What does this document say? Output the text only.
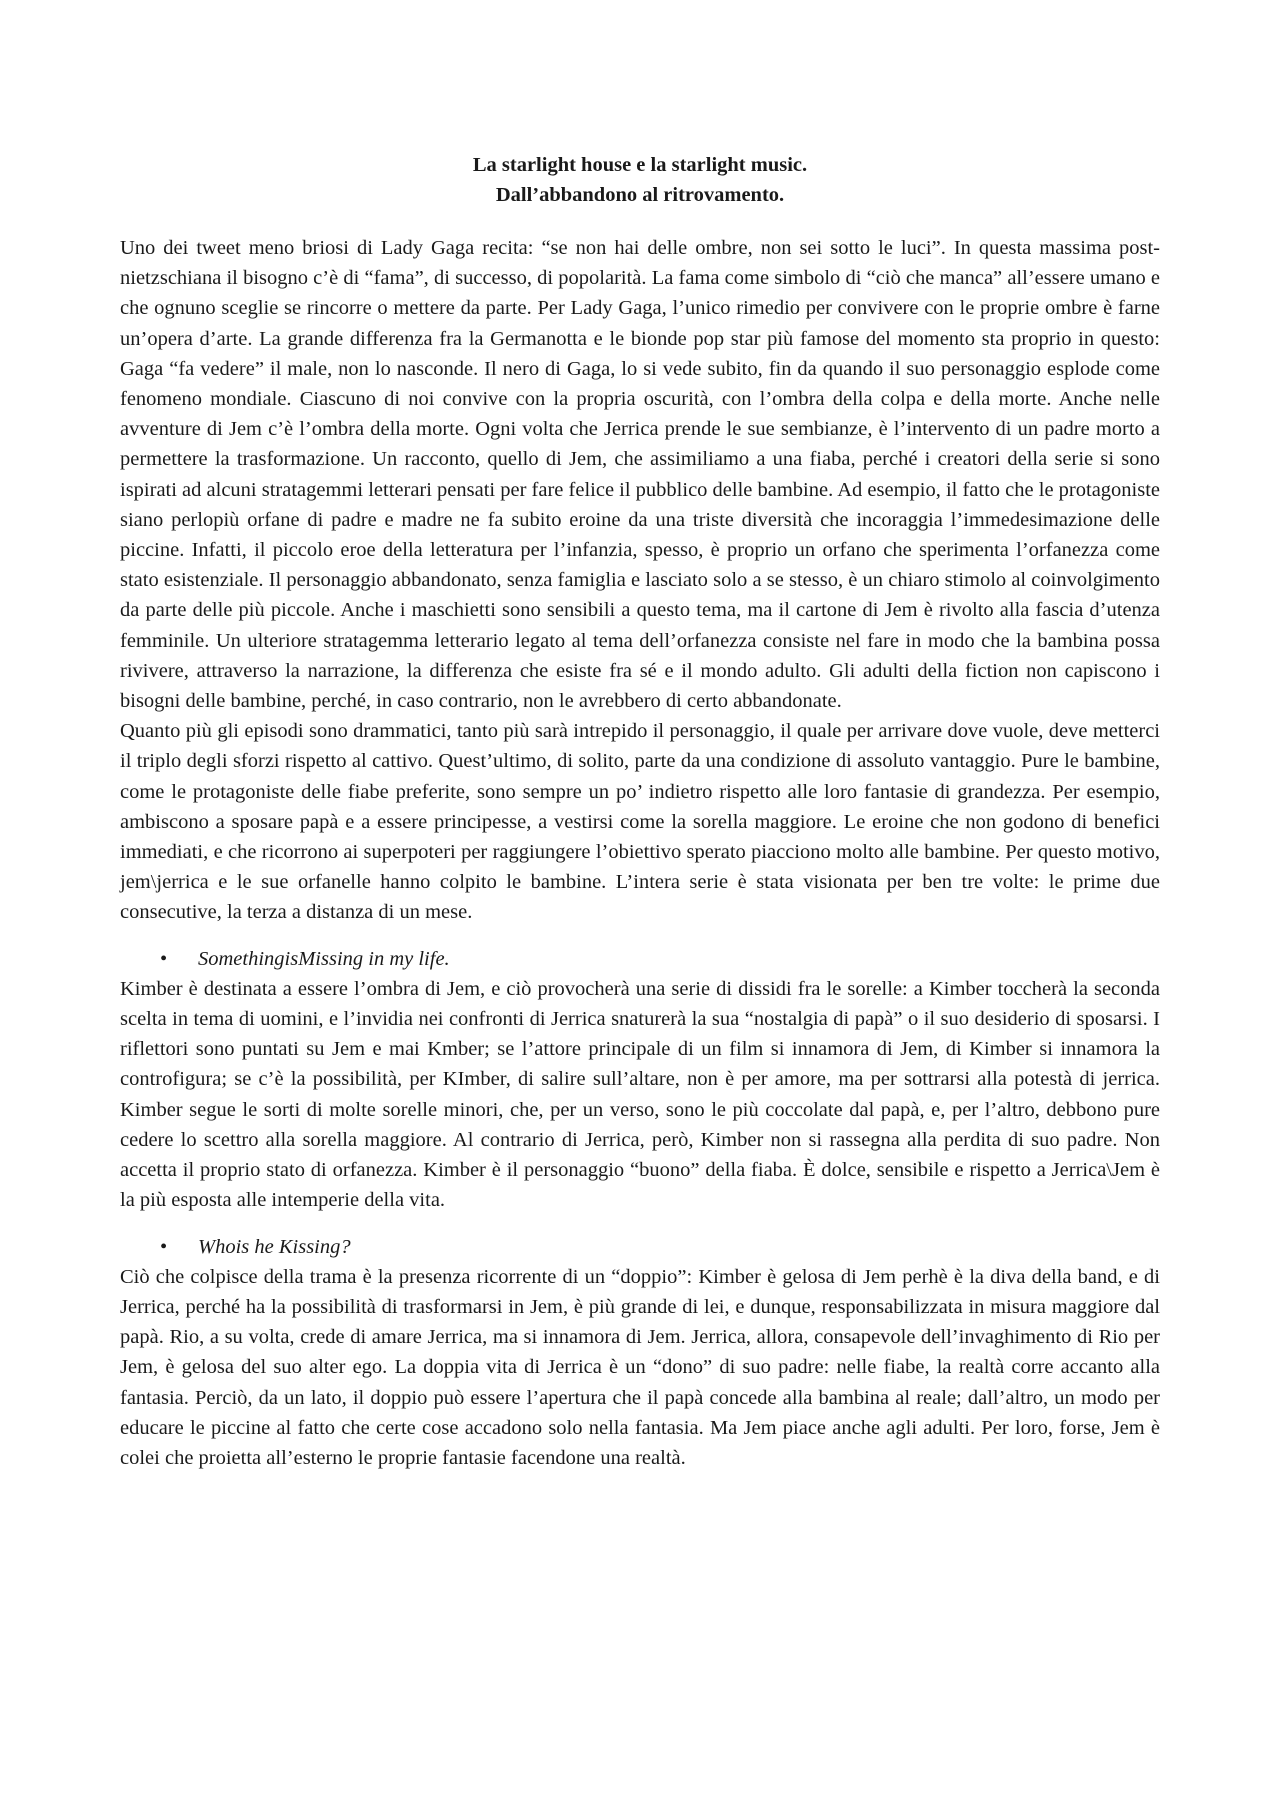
La starlight house e la starlight music.
Dall’abbandono al ritrovamento.

Uno dei tweet meno briosi di Lady Gaga recita: “se non hai delle ombre, non sei sotto le luci”. In questa massima post- nietzschiana il bisogno c’è di “fama”, di successo, di popolarità. La fama come simbolo di “ciò che manca” all’essere umano e che ognuno sceglie se rincorre o mettere da parte. Per Lady Gaga, l’unico rimedio per convivere con le proprie ombre è farne un’opera d’arte. La grande differenza fra la Germanotta e le bionde pop star più famose del momento sta proprio in questo: Gaga “fa vedere” il male, non lo nasconde. Il nero di Gaga, lo si vede subito, fin da quando il suo personaggio esplode come fenomeno mondiale. Ciascuno di noi convive con la propria oscurità, con l’ombra della colpa e della morte. Anche nelle avventure di Jem c’è l’ombra della morte. Ogni volta che Jerrica prende le sue sembianze, è l’intervento di un padre morto a permettere la trasformazione. Un racconto, quello di Jem, che assimiliamo a una fiaba, perché i creatori della serie si sono ispirati ad alcuni stratagemmi letterari pensati per fare felice il pubblico delle bambine. Ad esempio, il fatto che le protagoniste siano perlopiù orfane di padre e madre ne fa subito eroine da una triste diversità che incoraggia l’immedesimazione delle piccine. Infatti, il piccolo eroe della letteratura per l’infanzia, spesso, è proprio un orfano che sperimenta l’orfanezza come stato esistenziale. Il personaggio abbandonato, senza famiglia e lasciato solo a se stesso, è un chiaro stimolo al coinvolgimento da parte delle più piccole. Anche i maschietti sono sensibili a questo tema, ma il cartone di Jem è rivolto alla fascia d’utenza femminile. Un ulteriore stratagemma letterario legato al tema dell’orfanezza consiste nel fare in modo che la bambina possa rivivere, attraverso la narrazione, la differenza che esiste fra sé e il mondo adulto. Gli adulti della fiction non capiscono i bisogni delle bambine, perché, in caso contrario, non le avrebbero di certo abbandonate.

Quanto più gli episodi sono drammatici, tanto più sarà intrepido il personaggio, il quale per arrivare dove vuole, deve metterci il triplo degli sforzi rispetto al cattivo. Quest’ultimo, di solito, parte da una condizione di assoluto vantaggio. Pure le bambine, come le protagoniste delle fiabe preferite, sono sempre un po’ indietro rispetto alle loro fantasie di grandezza. Per esempio, ambiscono a sposare papà e a essere principesse, a vestirsi come la sorella maggiore. Le eroine che non godono di benefici immediati, e che ricorrono ai superpoteri per raggiungere l’obiettivo sperato piacciono molto alle bambine. Per questo motivo, jem\jerrica e le sue orfanelle hanno colpito le bambine. L’intera serie è stata visionata per ben tre volte: le prime due consecutive, la terza a distanza di un mese.

• SomethingisMissing in my life.

Kimber è destinata a essere l’ombra di Jem, e ciò provocherà una serie di dissidi fra le sorelle: a Kimber toccherà la seconda scelta in tema di uomini, e l’invidia nei confronti di Jerrica snaturerà la sua “nostalgia di papà” o il suo desiderio di sposarsi. I riflettori sono puntati su Jem e mai Kmber; se l’attore principale di un film si innamora di Jem, di Kimber si innamora la controfigura; se c’è la possibilità, per KImber, di salire sull’altare, non è per amore, ma per sottrarsi alla potestà di jerrica. Kimber segue le sorti di molte sorelle minori, che, per un verso, sono le più coccolate dal papà, e, per l’altro, debbono pure cedere lo scettro alla sorella maggiore. Al contrario di Jerrica, però, Kimber non si rassegna alla perdita di suo padre. Non accetta il proprio stato di orfanezza. Kimber è il personaggio “buono” della fiaba. È dolce, sensibile e rispetto a Jerrica\Jem è la più esposta alle intemperie della vita.

• Whois he Kissing?

Ciò che colpisce della trama è la presenza ricorrente di un “doppio”: Kimber è gelosa di Jem perhè è la diva della band, e di Jerrica, perché ha la possibilità di trasformarsi in Jem, è più grande di lei, e dunque, responsabilizzata in misura maggiore dal papà. Rio, a su volta, crede di amare Jerrica, ma si innamora di Jem. Jerrica, allora, consapevole dell’invaghimento di Rio per Jem, è gelosa del suo alter ego. La doppia vita di Jerrica è un “dono” di suo padre: nelle fiabe, la realtà corre accanto alla fantasia. Perciò, da un lato, il doppio può essere l’apertura che il papà concede alla bambina al reale; dall’altro, un modo per educare le piccine al fatto che certe cose accadono solo nella fantasia. Ma Jem piace anche agli adulti. Per loro, forse, Jem è colei che proietta all’esterno le proprie fantasie facendone una realtà.
